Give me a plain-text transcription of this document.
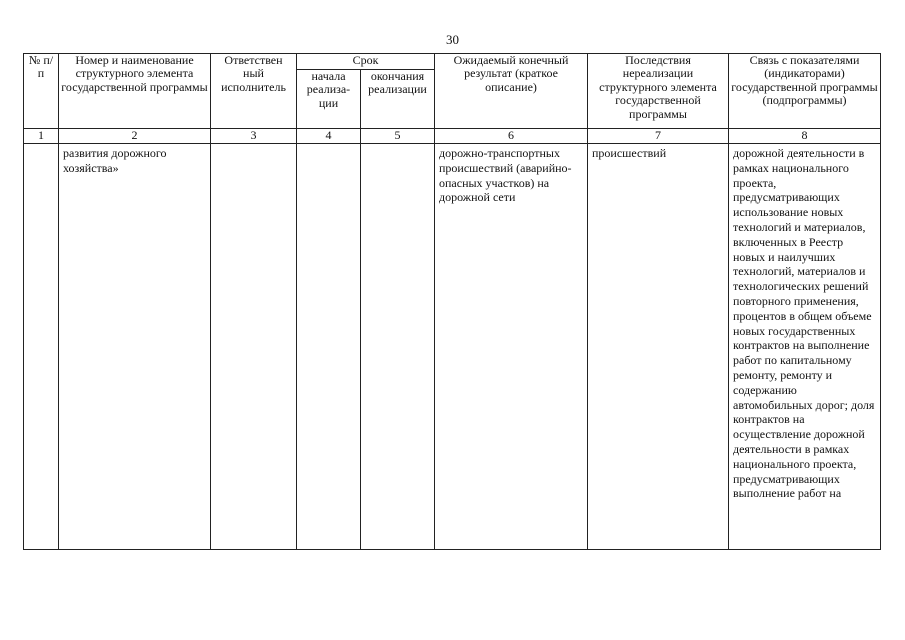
30
№ п/п	Номер и наименование структурного элемента государственной программы	Ответствен ный исполнитель	Срок		Ожидаемый конечный результат (краткое описание)	Последствия нереализации структурного элемента государственной программы	Связь с показателями (индикаторами) государственной программы (подпрограммы)
			начала реализа- ции	окончания реализации			
1	2	3	4	5	6	7	8
	развития дорожного хозяйства»				дорожно-транспортных происшествий (аварийно-опасных участков) на дорожной сети	происшествий	дорожной деятельности в рамках национального проекта, предусматривающих использование новых технологий и материалов, включенных в Реестр новых и наилучших технологий, материалов и технологических решений повторного применения, процентов в общем объеме новых государственных контрактов на выполнение работ по капитальному ремонту, ремонту и содержанию автомобильных дорог; доля контрактов на осуществление дорожной деятельности в рамках национального проекта, предусматривающих выполнение работ на
